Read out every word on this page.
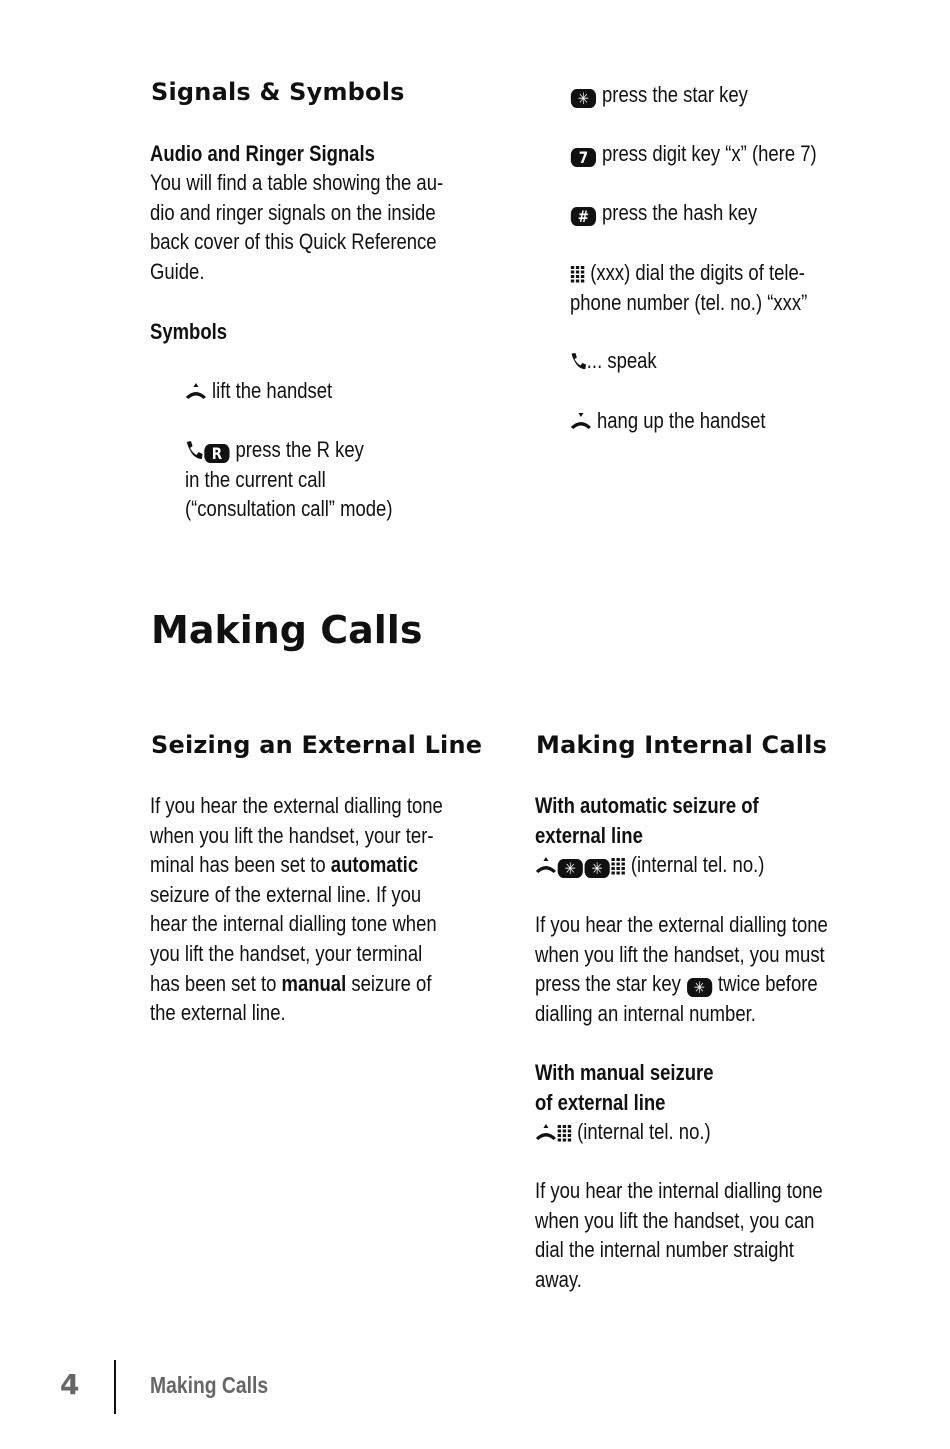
Signals & Symbols
Audio and Ringer Signals
You will find a table showing the au-
dio and ringer signals on the inside
back cover of this Quick Reference
Guide.
Symbols
lift the handset
R press the R key
in the current call
(“consultation call” mode)
✳ press the star key
7 press digit key “x” (here 7)
# press the hash key
(xxx) dial the digits of tele-
phone number (tel. no.) “xxx”
... speak
hang up the handset
Making Calls
Seizing an External Line
If you hear the external dialling tone
when you lift the handset, your ter-
minal has been set to automatic
seizure of the external line. If you
hear the internal dialling tone when
you lift the handset, your terminal
has been set to manual seizure of
the external line.
Making Internal Calls
With automatic seizure of
external line
✳ ✳ (internal tel. no.)
If you hear the external dialling tone
when you lift the handset, you must
press the star key ✳ twice before
dialling an internal number.
With manual seizure
of external line
(internal tel. no.)
If you hear the internal dialling tone
when you lift the handset, you can
dial the internal number straight
away.
4	Making Calls
